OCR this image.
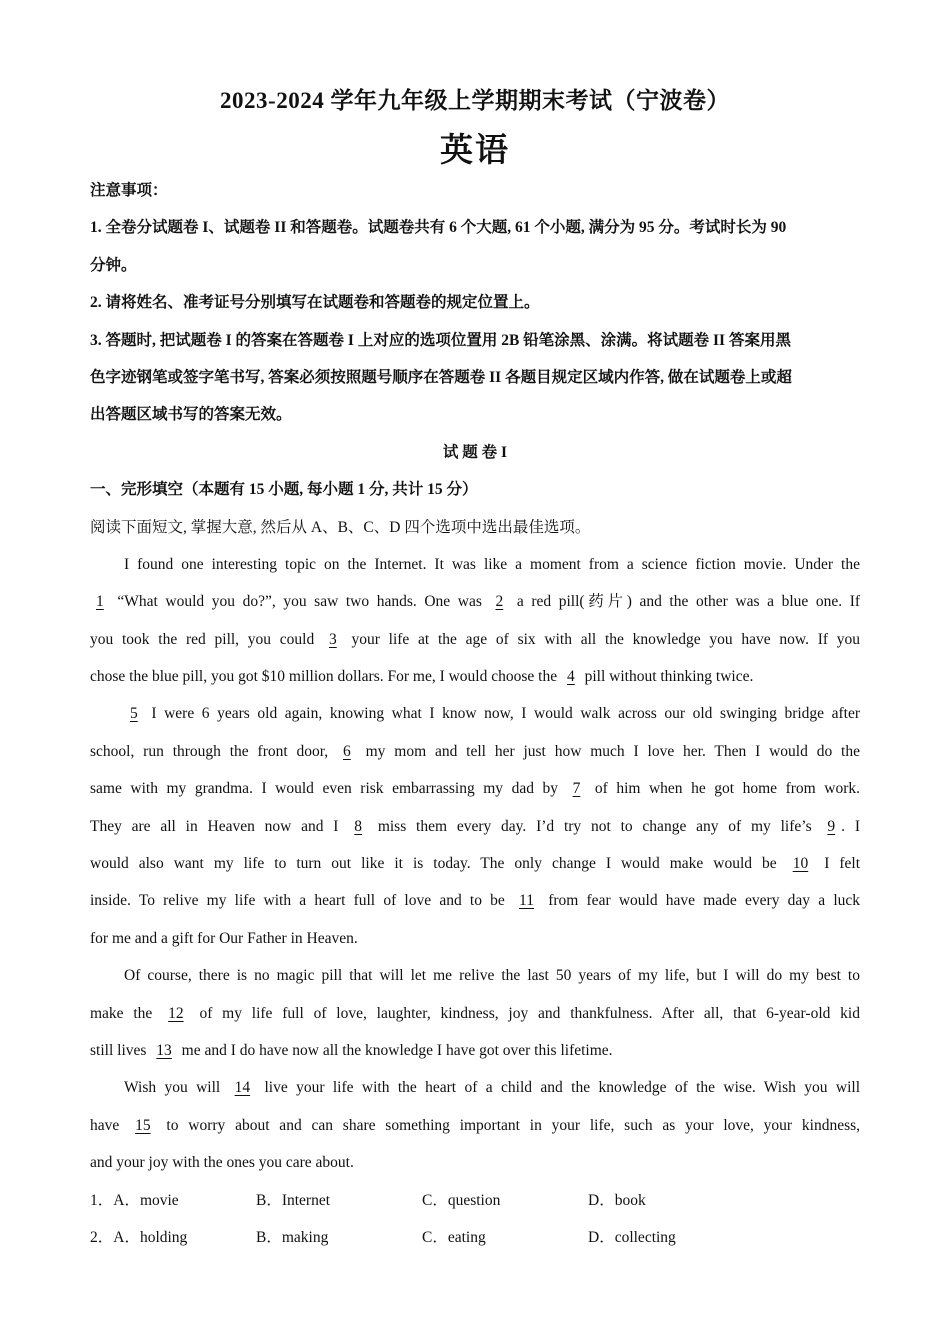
2023-2024 学年九年级上学期期末考试（宁波卷）
英语
注意事项：
1. 全卷分试题卷 I、试题卷 II 和答题卷。试题卷共有 6 个大题, 61 个小题, 满分为 95 分。考试时长为 90
分钟。
2. 请将姓名、准考证号分别填写在试题卷和答题卷的规定位置上。
3. 答题时, 把试题卷 I 的答案在答题卷 I 上对应的选项位置用 2B 铅笔涂黑、涂满。将试题卷 II 答案用黑
色字迹钢笔或签字笔书写, 答案必须按照题号顺序在答题卷 II 各题目规定区域内作答, 做在试题卷上或超
出答题区域书写的答案无效。
试 题 卷 I
一、完形填空（本题有 15 小题, 每小题 1 分, 共计 15 分）
阅读下面短文, 掌握大意, 然后从 A、B、C、D 四个选项中选出最佳选项。
I found one interesting topic on the Internet. It was like a moment from a science fiction movie. Under the
1 “What would you do?”, you saw two hands. One was 2 a red pill(药片) and the other was a blue one. If
you took the red pill, you could 3 your life at the age of six with all the knowledge you have now. If you
chose the blue pill, you got $10 million dollars. For me, I would choose the 4 pill without thinking twice.
5 I were 6 years old again, knowing what I know now, I would walk across our old swinging bridge after
school, run through the front door, 6 my mom and tell her just how much I love her. Then I would do the
same with my grandma. I would even risk embarrassing my dad by 7 of him when he got home from work.
They are all in Heaven now and I 8 miss them every day. I’d try not to change any of my life’s 9 . I
would also want my life to turn out like it is today. The only change I would make would be 10 I felt
inside. To relive my life with a heart full of love and to be 11 from fear would have made every day a luck
for me and a gift for Our Father in Heaven.
Of course, there is no magic pill that will let me relive the last 50 years of my life, but I will do my best to
make the 12 of my life full of love, laughter, kindness, joy and thankfulness. After all, that 6-year-old kid
still lives 13 me and I do have now all the knowledge I have got over this lifetime.
Wish you will 14 live your life with the heart of a child and the knowledge of the wise. Wish you will
have 15 to worry about and can share something important in your life, such as your love, your kindness,
and your joy with the ones you care about.
1．A．movie	B．Internet	C．question	D．book
2．A．holding	B．making	C．eating	D．collecting
